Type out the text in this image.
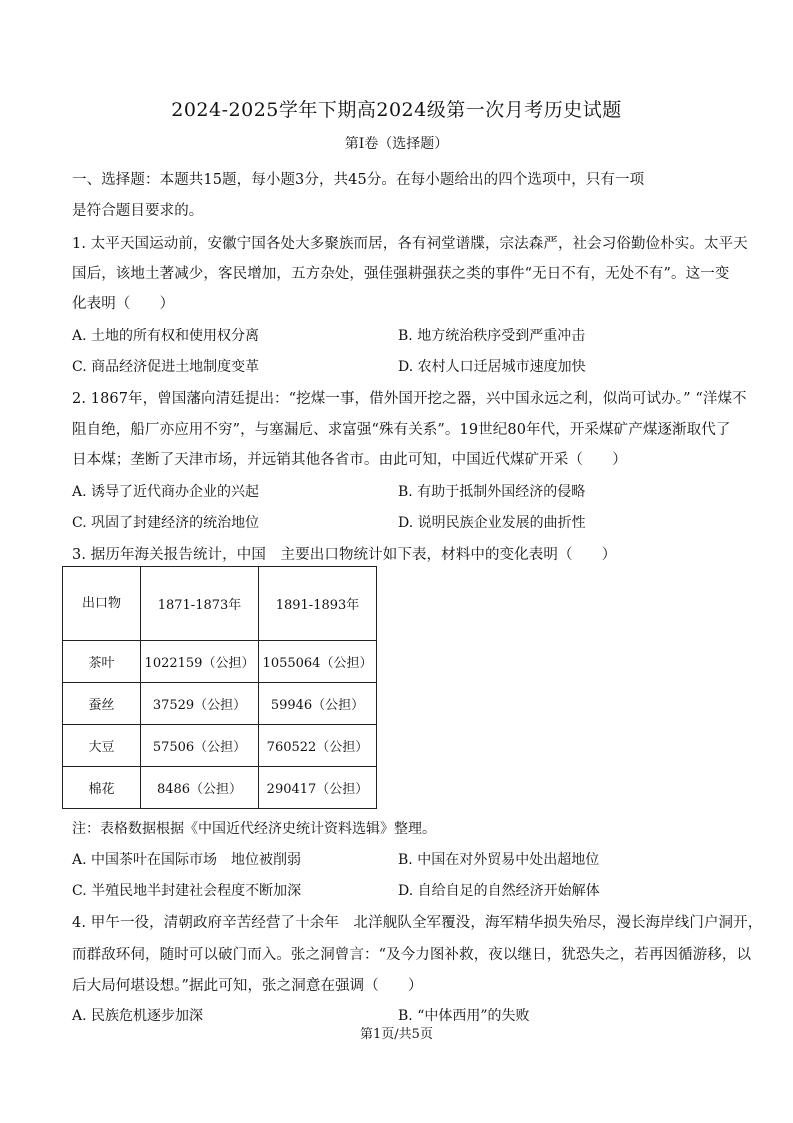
2024-2025学年下期高2024级第一次月考历史试题
第I卷（选择题）
一、选择题：本题共15题，每小题3分，共45分。在每小题给出的四个选项中，只有一项
是符合题目要求的。
1. 太平天国运动前，安徽宁国各处大多聚族而居，各有祠堂谱牒，宗法森严，社会习俗勤俭朴实。太平天
国后，该地土著减少，客民增加，五方杂处，强佳强耕强获之类的事件“无日不有，无处不有”。这一变
化表明（　　）
A. 土地的所有权和使用权分离	B. 地方统治秩序受到严重冲击
C. 商品经济促进土地制度变革	D. 农村人口迁居城市速度加快
2. 1867年，曾国藩向清廷提出：“挖煤一事，借外国开挖之器，兴中国永远之利，似尚可试办。” “洋煤不
阻自绝，船厂亦应用不穷”，与塞漏卮、求富强“殊有关系”。19世纪80年代，开采煤矿产煤逐渐取代了
日本煤；垄断了天津市场，并远销其他各省市。由此可知，中国近代煤矿开采（　　）
A. 诱导了近代商办企业的兴起	B. 有助于抵制外国经济的侵略
C. 巩固了封建经济的统治地位	D. 说明民族企业发展的曲折性
3. 据历年海关报告统计，中国　主要出口物统计如下表，材料中的变化表明（　　）
出口物	1871-1873年	1891-1893年
茶叶	1022159（公担）	1055064（公担）
蚕丝	37529（公担）	59946（公担）
大豆	57506（公担）	760522（公担）
棉花	8486（公担）	290417（公担）
注：表格数据根据《中国近代经济史统计资料选辑》整理。
A. 中国茶叶在国际市场　地位被削弱	B. 中国在对外贸易中处出超地位
C. 半殖民地半封建社会程度不断加深	D. 自给自足的自然经济开始解体
4. 甲午一役，清朝政府辛苦经营了十余年　北洋舰队全军覆没，海军精华损失殆尽，漫长海岸线门户洞开，
而群敌环伺，随时可以破门而入。张之洞曾言：“及今力图补救，夜以继日，犹恐失之，若再因循游移，以
后大局何堪设想。”据此可知，张之洞意在强调（　　）
A. 民族危机逐步加深	B. “中体西用”的失败
第1页/共5页
